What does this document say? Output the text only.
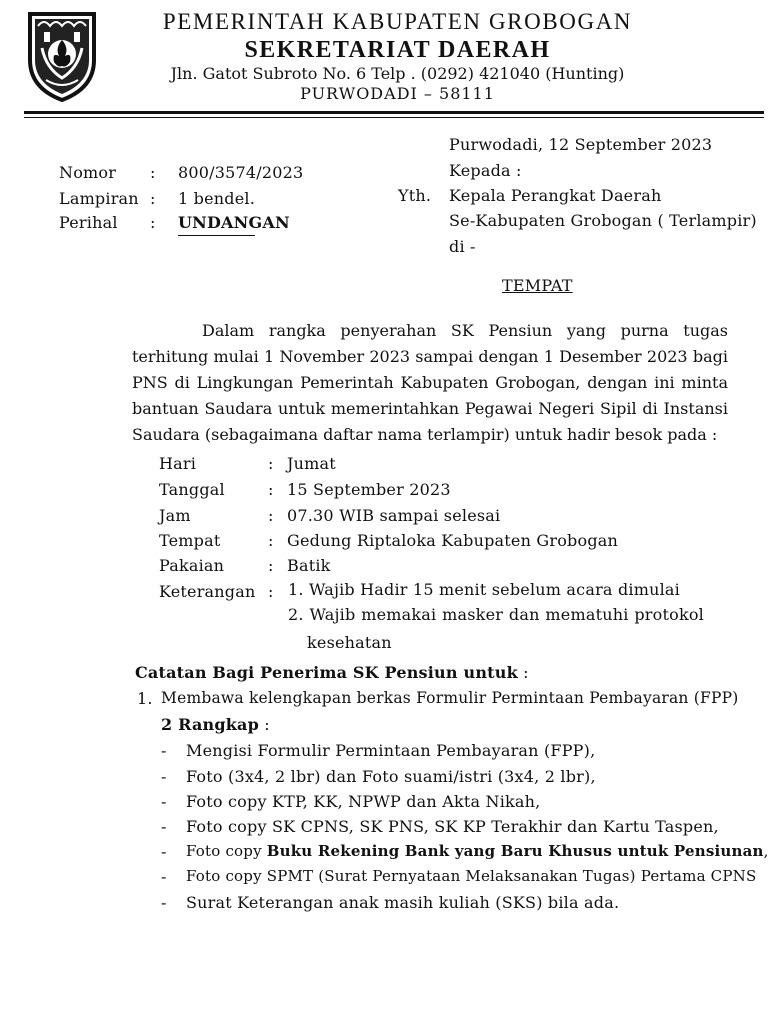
PEMERINTAH KABUPATEN GROBOGAN
SEKRETARIAT DAERAH
Jln. Gatot Subroto No. 6 Telp . (0292) 421040 (Hunting)
PURWODADI – 58111
Purwodadi, 12 September 2023
Kepada :
Yth. Kepala Perangkat Daerah
Se-Kabupaten Grobogan ( Terlampir)
di -
TEMPAT
Nomor : 800/3574/2023
Lampiran : 1 bendel.
Perihal : UNDANGAN
Dalam rangka penyerahan SK Pensiun yang purna tugas
terhitung mulai 1 November 2023 sampai dengan 1 Desember 2023 bagi
PNS di Lingkungan Pemerintah Kabupaten Grobogan, dengan ini minta
bantuan Saudara untuk memerintahkan Pegawai Negeri Sipil di Instansi
Saudara (sebagaimana daftar nama terlampir) untuk hadir besok pada :
Hari	: Jumat
Tanggal	: 15 September 2023
Jam	: 07.30 WIB sampai selesai
Tempat	: Gedung Riptaloka Kabupaten Grobogan
Pakaian	: Batik
Keterangan : 1. Wajib Hadir 15 menit sebelum acara dimulai
2. Wajib memakai masker dan mematuhi protokol
kesehatan
Catatan Bagi Penerima SK Pensiun untuk :
1. Membawa kelengkapan berkas Formulir Permintaan Pembayaran (FPP)
2 Rangkap :
- Mengisi Formulir Permintaan Pembayaran (FPP),
- Foto (3x4, 2 lbr) dan Foto suami/istri (3x4, 2 lbr),
- Foto copy KTP, KK, NPWP dan Akta Nikah,
- Foto copy SK CPNS, SK PNS, SK KP Terakhir dan Kartu Taspen,
- Foto copy Buku Rekening Bank yang Baru Khusus untuk Pensiunan,
- Foto copy SPMT (Surat Pernyataan Melaksanakan Tugas) Pertama CPNS
- Surat Keterangan anak masih kuliah (SKS) bila ada.
